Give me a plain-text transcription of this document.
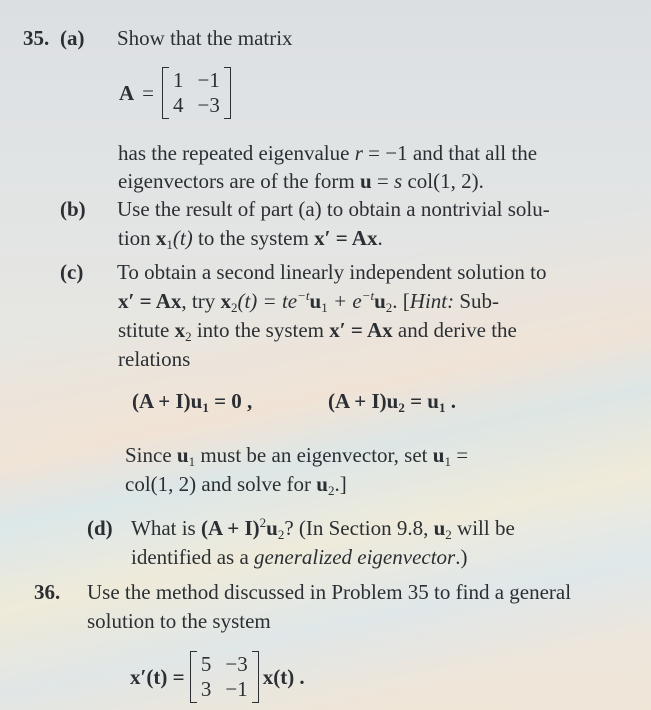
35. (a) Show that the matrix
A =
1 −1
4 −3
has the repeated eigenvalue r = −1 and that all the
eigenvectors are of the form u = s col(1, 2).
(b) Use the result of part (a) to obtain a nontrivial solu-
tion $x_1(t)$ to the system x′ = Ax.
(c) To obtain a second linearly independent solution to
x′ = Ax, try $x_2(t) = te^{-t}u_1 + e^{-t}u_2$. [Hint: Sub-
stitute $x_2$ into the system x′ = Ax and derive the
relations
$(A + I)u_1 = 0$ ,	$(A + I)u_2 = u_1$ .
Since $u_1$ must be an eigenvector, set $u_1$ =
col(1, 2) and solve for $u_2$.]
(d) What is $(A + I)^2u_2$? (In Section 9.8, $u_2$ will be
identified as a generalized eigenvector.)
36. Use the method discussed in Problem 35 to find a general
solution to the system
x′(t) =
5 −3
3 −1 x(t) .
